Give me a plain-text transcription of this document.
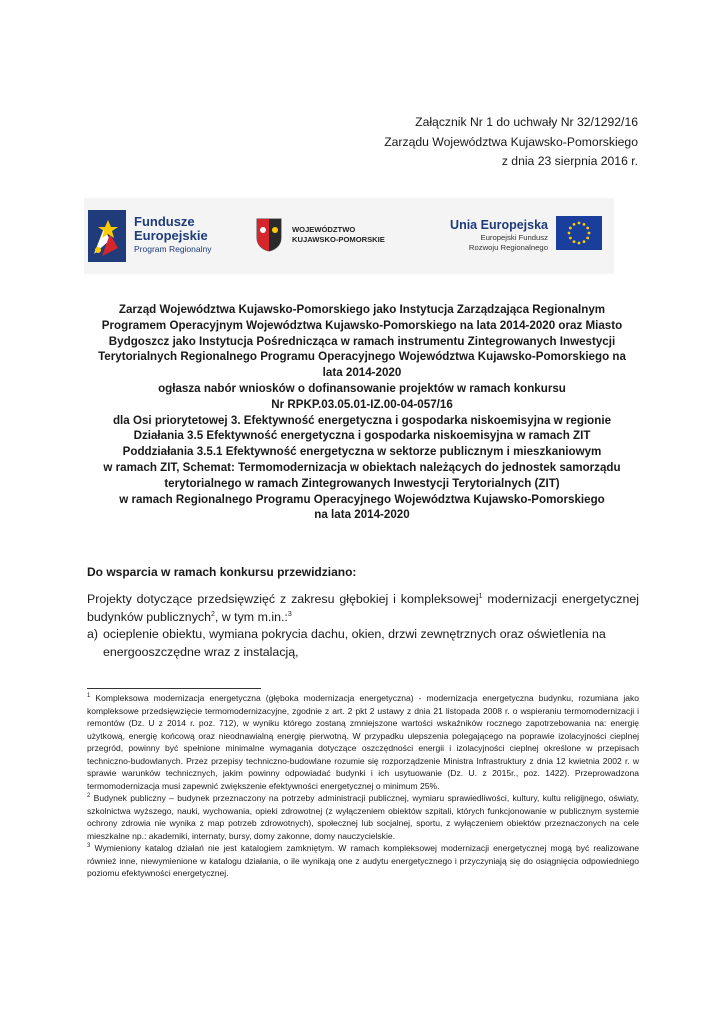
Załącznik Nr 1 do uchwały Nr 32/1292/16
Zarządu Województwa Kujawsko-Pomorskiego
z dnia 23 sierpnia 2016 r.
Fundusze
Europejskie
Program Regionalny
WOJEWÓDZTWO
KUJAWSKO-POMORSKIE
Unia Europejska
Europejski Fundusz
Rozwoju Regionalnego
Zarząd Województwa Kujawsko-Pomorskiego jako Instytucja Zarządzająca Regionalnym
Programem Operacyjnym Województwa Kujawsko-Pomorskiego na lata 2014-2020 oraz Miasto
Bydgoszcz jako Instytucja Pośrednicząca w ramach instrumentu Zintegrowanych Inwestycji
Terytorialnych Regionalnego Programu Operacyjnego Województwa Kujawsko-Pomorskiego na
lata 2014-2020
ogłasza nabór wniosków o dofinansowanie projektów w ramach konkursu
Nr RPKP.03.05.01-IZ.00-04-057/16
dla Osi priorytetowej 3. Efektywność energetyczna i gospodarka niskoemisyjna w regionie
Działania 3.5 Efektywność energetyczna i gospodarka niskoemisyjna w ramach ZIT
Poddziałania 3.5.1 Efektywność energetyczna w sektorze publicznym i mieszkaniowym
w ramach ZIT, Schemat: Termomodernizacja w obiektach należących do jednostek samorządu
terytorialnego w ramach Zintegrowanych Inwestycji Terytorialnych (ZIT)
w ramach Regionalnego Programu Operacyjnego Województwa Kujawsko-Pomorskiego
na lata 2014-2020
Do wsparcia w ramach konkursu przewidziano:
Projekty dotyczące przedsięwzięć z zakresu głębokiej i kompleksowej$^1$ modernizacji energetycznej budynków publicznych$^2$, w tym m.in.:$^3$
a) ocieplenie obiektu, wymiana pokrycia dachu, okien, drzwi zewnętrznych oraz oświetlenia na
energooszczędne wraz z instalacją,

$^1$ Kompleksowa modernizacja energetyczna (głęboka modernizacja energetyczna) - modernizacja energetyczna budynku, rozumiana jako kompleksowe przedsięwzięcie termomodernizacyjne, zgodnie z art. 2 pkt 2 ustawy z dnia 21 listopada 2008 r. o wspieraniu termomodernizacji i remontów (Dz. U z 2014 r. poz. 712), w wyniku którego zostaną zmniejszone wartości wskaźników rocznego zapotrzebowania na: energię użytkową, energię końcową oraz nieodnawialną energię pierwotną. W przypadku ulepszenia polegającego na poprawie izolacyjności cieplnej przegród, powinny być spełnione minimalne wymagania dotyczące oszczędności energii i izolacyjności cieplnej określone w przepisach techniczno-budowlanych. Przez przepisy techniczno-budowlane rozumie się rozporządzenie Ministra Infrastruktury z dnia 12 kwietnia 2002 r. w sprawie warunków technicznych, jakim powinny odpowiadać budynki i ich usytuowanie (Dz. U. z 2015r., poz. 1422). Przeprowadzona termomodernizacja musi zapewnić zwiększenie efektywności energetycznej o minimum 25%.

$^2$ Budynek publiczny – budynek przeznaczony na potrzeby administracji publicznej, wymiaru sprawiedliwości, kultury, kultu religijnego, oświaty, szkolnictwa wyższego, nauki, wychowania, opieki zdrowotnej (z wyłączeniem obiektów szpitali, których funkcjonowanie w publicznym systemie ochrony zdrowia nie wynika z map potrzeb zdrowotnych), społecznej lub socjalnej, sportu, z wyłączeniem obiektów przeznaczonych na cele mieszkalne np.: akademiki, internaty, bursy, domy zakonne, domy nauczycielskie.

$^3$ Wymieniony katalog działań nie jest katalogiem zamkniętym. W ramach kompleksowej modernizacji energetycznej mogą być realizowane również inne, niewymienione w katalogu działania, o ile wynikają one z audytu energetycznego i przyczyniają się do osiągnięcia odpowiedniego poziomu efektywności energetycznej.
